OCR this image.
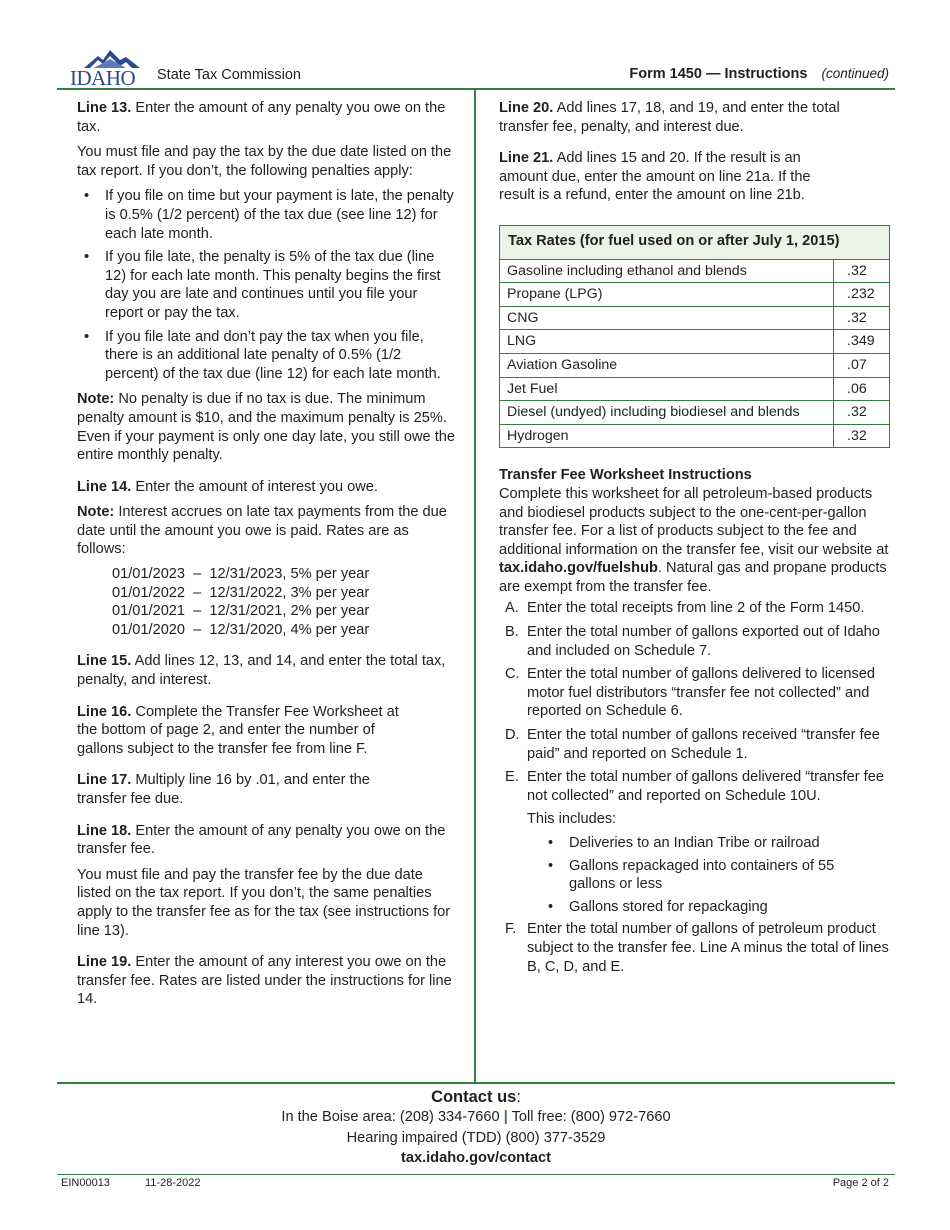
IDAHO State Tax Commission	Form 1450 — Instructions (continued)

Line 13. Enter the amount of any penalty you owe on the tax.

You must file and pay the tax by the due date listed on the tax report. If you don’t, the following penalties apply:

• If you file on time but your payment is late, the penalty is 0.5% (1/2 percent) of the tax due (see line 12) for each late month.
• If you file late, the penalty is 5% of the tax due (line 12) for each late month. This penalty begins the first day you are late and continues until you file your report or pay the tax.
• If you file late and don’t pay the tax when you file, there is an additional late penalty of 0.5% (1/2 percent) of the tax due (line 12) for each late month.

Note: No penalty is due if no tax is due. The minimum penalty amount is $10, and the maximum penalty is 25%. Even if your payment is only one day late, you still owe the entire monthly penalty.

Line 14. Enter the amount of interest you owe.

Note: Interest accrues on late tax payments from the due date until the amount you owe is paid. Rates are as follows:

01/01/2023  –  12/31/2023, 5% per year
01/01/2022  –  12/31/2022, 3% per year
01/01/2021  –  12/31/2021, 2% per year
01/01/2020  –  12/31/2020, 4% per year

Line 15. Add lines 12, 13, and 14, and enter the total tax, penalty, and interest.

Line 16. Complete the Transfer Fee Worksheet at the bottom of page 2, and enter the number of gallons subject to the transfer fee from line F.

Line 17. Multiply line 16 by .01, and enter the transfer fee due.

Line 18. Enter the amount of any penalty you owe on the transfer fee.

You must file and pay the transfer fee by the due date listed on the tax report. If you don’t, the same penalties apply to the transfer fee as for the tax (see instructions for line 13).

Line 19. Enter the amount of any interest you owe on the transfer fee. Rates are listed under the instructions for line 14.

Line 20. Add lines 17, 18, and 19, and enter the total transfer fee, penalty, and interest due.

Line 21. Add lines 15 and 20. If the result is an amount due, enter the amount on line 21a. If the result is a refund, enter the amount on line 21b.

Tax Rates (for fuel used on or after July 1, 2015)	
Gasoline including ethanol and blends	.32
Propane (LPG)	.232
CNG	.32
LNG	.349
Aviation Gasoline	.07
Jet Fuel	.06
Diesel (undyed) including biodiesel and blends	.32
Hydrogen	.32

Transfer Fee Worksheet Instructions

Complete this worksheet for all petroleum-based products and biodiesel products subject to the one-cent-per-gallon transfer fee. For a list of products subject to the fee and additional information on the transfer fee, visit our website at tax.idaho.gov/fuelshub. Natural gas and propane products are exempt from the transfer fee.

A. Enter the total receipts from line 2 of the Form 1450.
B. Enter the total number of gallons exported out of Idaho and included on Schedule 7.
C. Enter the total number of gallons delivered to licensed motor fuel distributors “transfer fee not collected” and reported on Schedule 6.
D. Enter the total number of gallons received “transfer fee paid” and reported on Schedule 1.
E. Enter the total number of gallons delivered “transfer fee not collected” and reported on Schedule 10U.

This includes:

• Deliveries to an Indian Tribe or railroad
• Gallons repackaged into containers of 55 gallons or less
• Gallons stored for repackaging
F. Enter the total number of gallons of petroleum product subject to the transfer fee. Line A minus the total of lines B, C, D, and E.
Contact us:
In the Boise area: (208) 334-7660 | Toll free: (800) 972-7660
Hearing impaired (TDD) (800) 377-3529
tax.idaho.gov/contact
EIN00013	11-28-2022	Page 2 of 2
